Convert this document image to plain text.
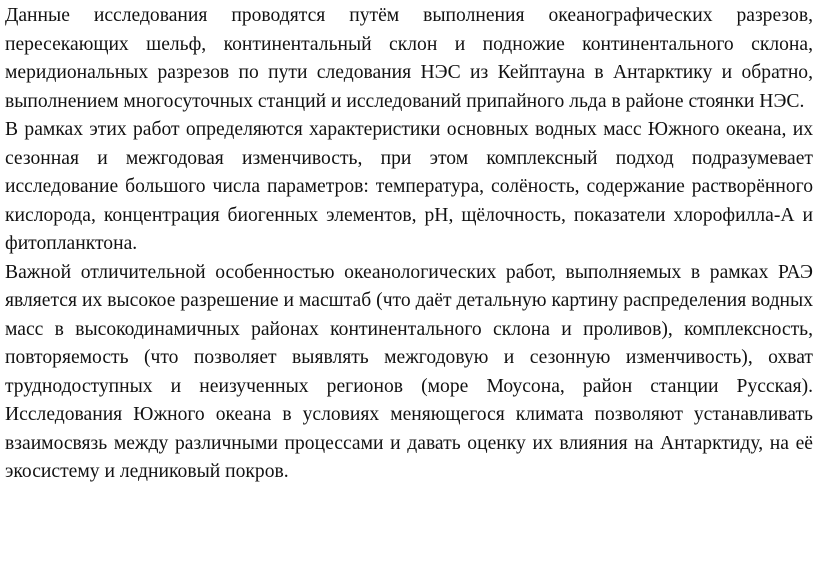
Данные исследования проводятся путём выполнения океанографических разрезов, пересекающих шельф, континентальный склон и подножие континентального склона, меридиональных разрезов по пути следования НЭС из Кейптауна в Антарктику и обратно, выполнением многосуточных станций и исследований припайного льда в районе стоянки НЭС.

В рамках этих работ определяются характеристики основных водных масс Южного океана, их сезонная и межгодовая изменчивость, при этом комплексный подход подразумевает исследование большого числа параметров: температура, солёность, содержание растворённого кислорода, концентрация биогенных элементов, pH, щёлочность, показатели хлорофилла-А и фитопланктона.

Важной отличительной особенностью океанологических работ, выполняемых в рамках РАЭ является их высокое разрешение и масштаб (что даёт детальную картину распределения водных масс в высокодинамичных районах континентального склона и проливов), комплексность, повторяемость (что позволяет выявлять межгодовую и сезонную изменчивость), охват труднодоступных и неизученных регионов (море Моусона, район станции Русская). Исследования Южного океана в условиях меняющегося климата позволяют устанавливать взаимосвязь между различными процессами и давать оценку их влияния на Антарктиду, на её экосистему и ледниковый покров.
